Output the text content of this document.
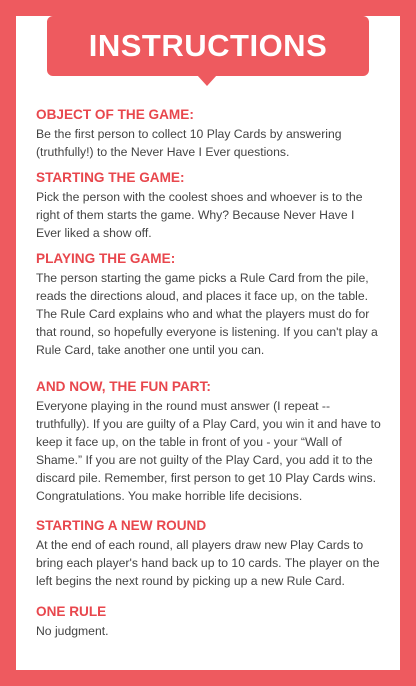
INSTRUCTIONS
OBJECT OF THE GAME:

Be the first person to collect 10 Play Cards by answering (truthfully!) to the Never Have I Ever questions.

STARTING THE GAME:

Pick the person with the coolest shoes and whoever is to the right of them starts the game. Why? Because Never Have I Ever liked a show off.

PLAYING THE GAME:

The person starting the game picks a Rule Card from the pile, reads the directions aloud, and places it face up, on the table. The Rule Card explains who and what the players must do for that round, so hopefully everyone is listening. If you can't play a Rule Card, take another one until you can.

AND NOW, THE FUN PART:

Everyone playing in the round must answer (I repeat -- truthfully). If you are guilty of a Play Card, you win it and have to keep it face up, on the table in front of you - your “Wall of Shame.” If you are not guilty of the Play Card, you add it to the discard pile. Remember, first person to get 10 Play Cards wins. Congratulations. You make horrible life decisions.

STARTING A NEW ROUND

At the end of each round, all players draw new Play Cards to bring each player's hand back up to 10 cards. The player on the left begins the next round by picking up a new Rule Card.

ONE RULE

No judgment.
